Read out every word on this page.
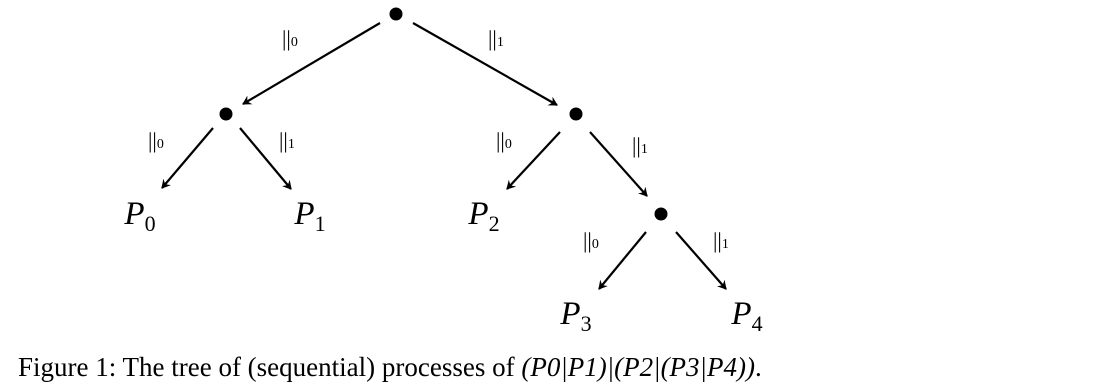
||0	||1
||0	||1	||0	||1
||0	||1
$P_0$	$P_1$	$P_2$
$P_3$	$P_4$
Figure 1: The tree of (sequential) processes of (P0|P1)|(P2|(P3|P4)).
